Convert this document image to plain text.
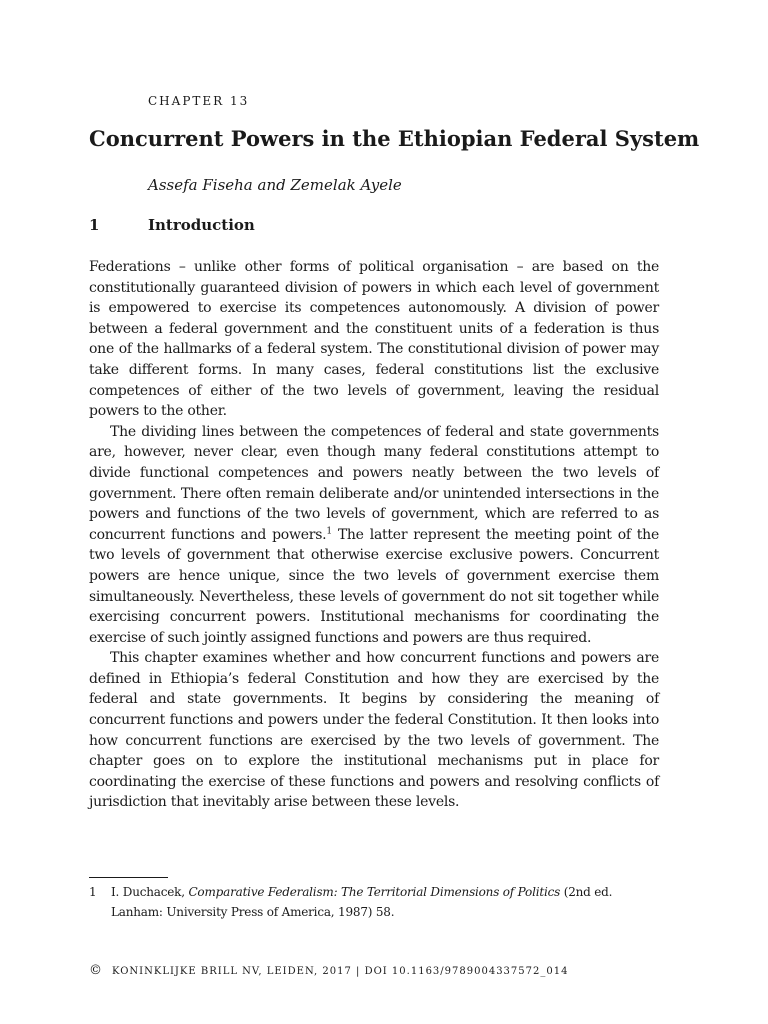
CHAPTER 13
Concurrent Powers in the Ethiopian Federal System
Assefa Fiseha and Zemelak Ayele
1	Introduction

Federations – unlike other forms of political organisation – are based on the constitutionally guaranteed division of powers in which each level of government is empowered to exercise its competences autonomously. A division of power between a federal government and the constituent units of a federation is thus one of the hallmarks of a federal system. The constitutional division of power may take different forms. In many cases, federal constitutions list the exclusive competences of either of the two levels of government, leaving the residual powers to the other.

The dividing lines between the competences of federal and state governments are, however, never clear, even though many federal constitutions attempt to divide functional competences and powers neatly between the two levels of government. There often remain deliberate and/or unintended intersections in the powers and functions of the two levels of government, which are referred to as concurrent functions and powers.$^1$ The latter represent the meeting point of the two levels of government that otherwise exercise exclusive powers. Concurrent powers are hence unique, since the two levels of government exercise them simultaneously. Nevertheless, these levels of government do not sit together while exercising concurrent powers. Institutional mechanisms for coordinating the exercise of such jointly assigned functions and powers are thus required.

This chapter examines whether and how concurrent functions and powers are defined in Ethiopia’s federal Constitution and how they are exercised by the federal and state governments. It begins by considering the meaning of concurrent functions and powers under the federal Constitution. It then looks into how concurrent functions are exercised by the two levels of government. The chapter goes on to explore the institutional mechanisms put in place for coordinating the exercise of these functions and powers and resolving conflicts of jurisdiction that inevitably arise between these levels.

1 I. Duchacek, Comparative Federalism: The Territorial Dimensions of Politics (2nd ed. Lanham: University Press of America, 1987) 58.
© KONINKLIJKE BRILL NV, LEIDEN, 2017 | DOI 10.1163/9789004337572_014
